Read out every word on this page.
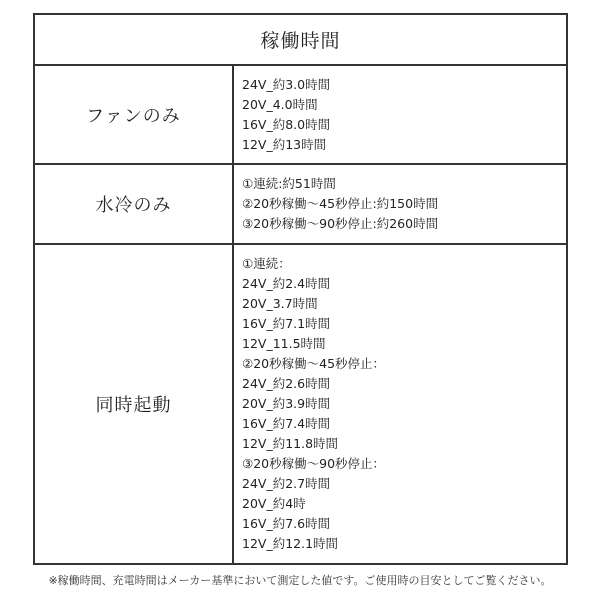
稼働時間
ファンのみ
24V_約3.0時間
20V_4.0時間
16V_約8.0時間
12V_約13時間
水冷のみ
①連続:約51時間
②20秒稼働〜45秒停止:約150時間
③20秒稼働〜90秒停止:約260時間
同時起動
①連続：
24V_約2.4時間
20V_3.7時間
16V_約7.1時間
12V_11.5時間
②20秒稼働〜45秒停止：
24V_約2.6時間
20V_約3.9時間
16V_約7.4時間
12V_約11.8時間
③20秒稼働〜90秒停止：
24V_約2.7時間
20V_約4時
16V_約7.6時間
12V_約12.1時間
※稼働時間、充電時間はメーカー基準において測定した値です。ご使用時の目安としてご覧ください。
